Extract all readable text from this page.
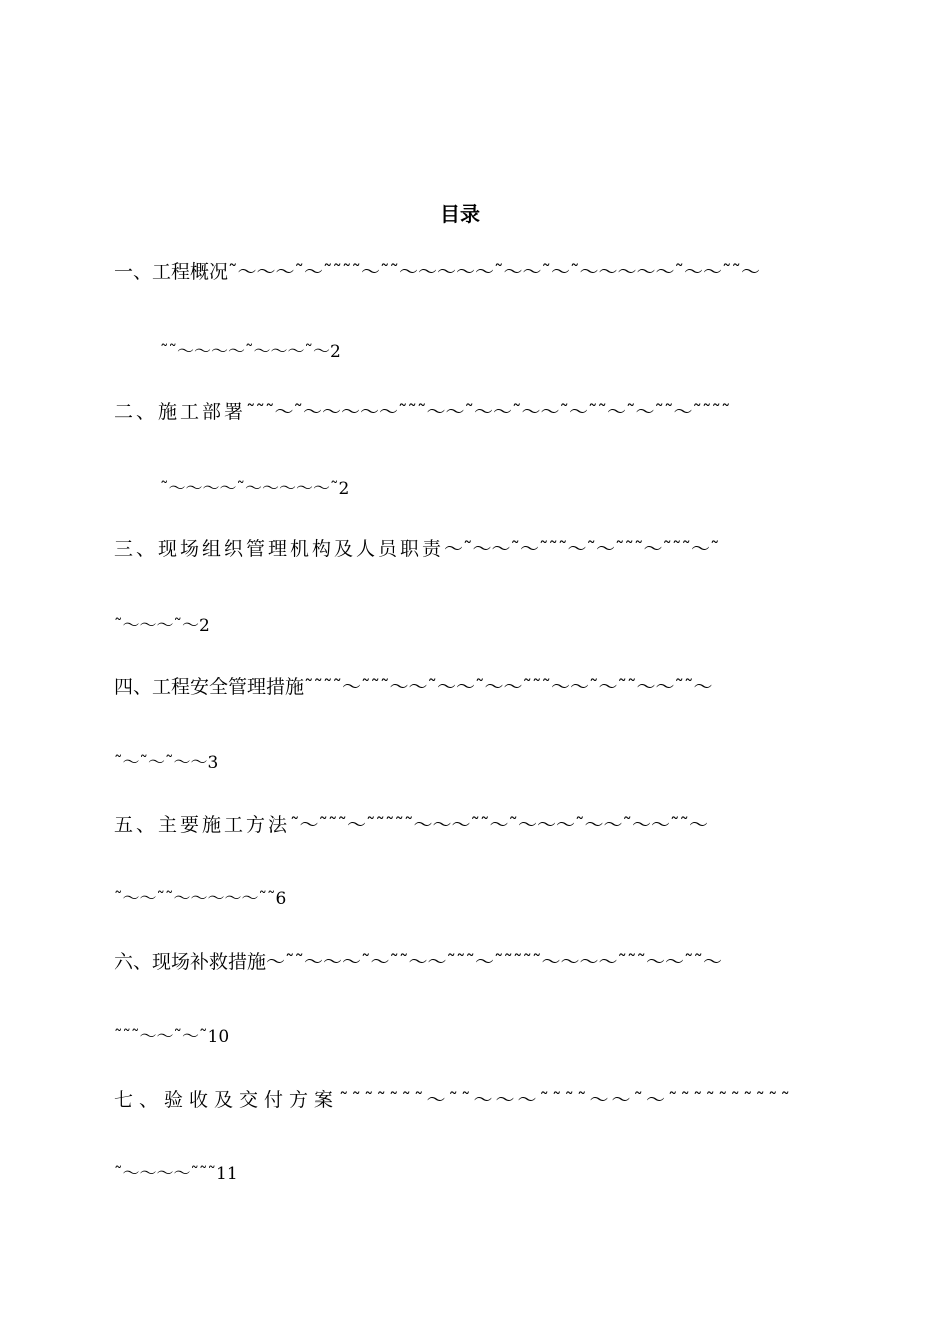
目录
一、工程概况˜～～～˜～˜˜˜˜～˜˜～～～～～˜～～˜～˜～～～～～˜～～˜˜～
˜˜～～～～˜～～～˜～2
二、施工部署˜˜˜～˜～～～～～˜˜˜～～˜～～˜～～˜～˜˜～˜～˜˜～˜˜˜˜
˜～～～～˜～～～～～˜2
三、现场组织管理机构及人员职责～˜～～˜～˜˜˜～˜～˜˜˜～˜˜˜～˜
˜～～～˜～2
四、工程安全管理措施˜˜˜˜～˜˜˜～～˜～～˜～～˜˜˜～～˜～˜˜～～˜˜～
˜～˜～˜～～3
五、主要施工方法˜～˜˜˜～˜˜˜˜˜～～～˜˜～˜～～～˜～～˜～～˜˜～
˜～～˜˜～～～～～˜˜6
六、现场补救措施～˜˜～～～˜～˜˜～～˜˜˜～˜˜˜˜˜～～～～˜˜˜～～˜˜～
˜˜˜～～˜～˜10
七、验收及交付方案˜˜˜˜˜˜˜～˜˜～～～˜˜˜˜～～˜～˜˜˜˜˜˜˜˜˜˜
˜～～～～˜˜˜11
